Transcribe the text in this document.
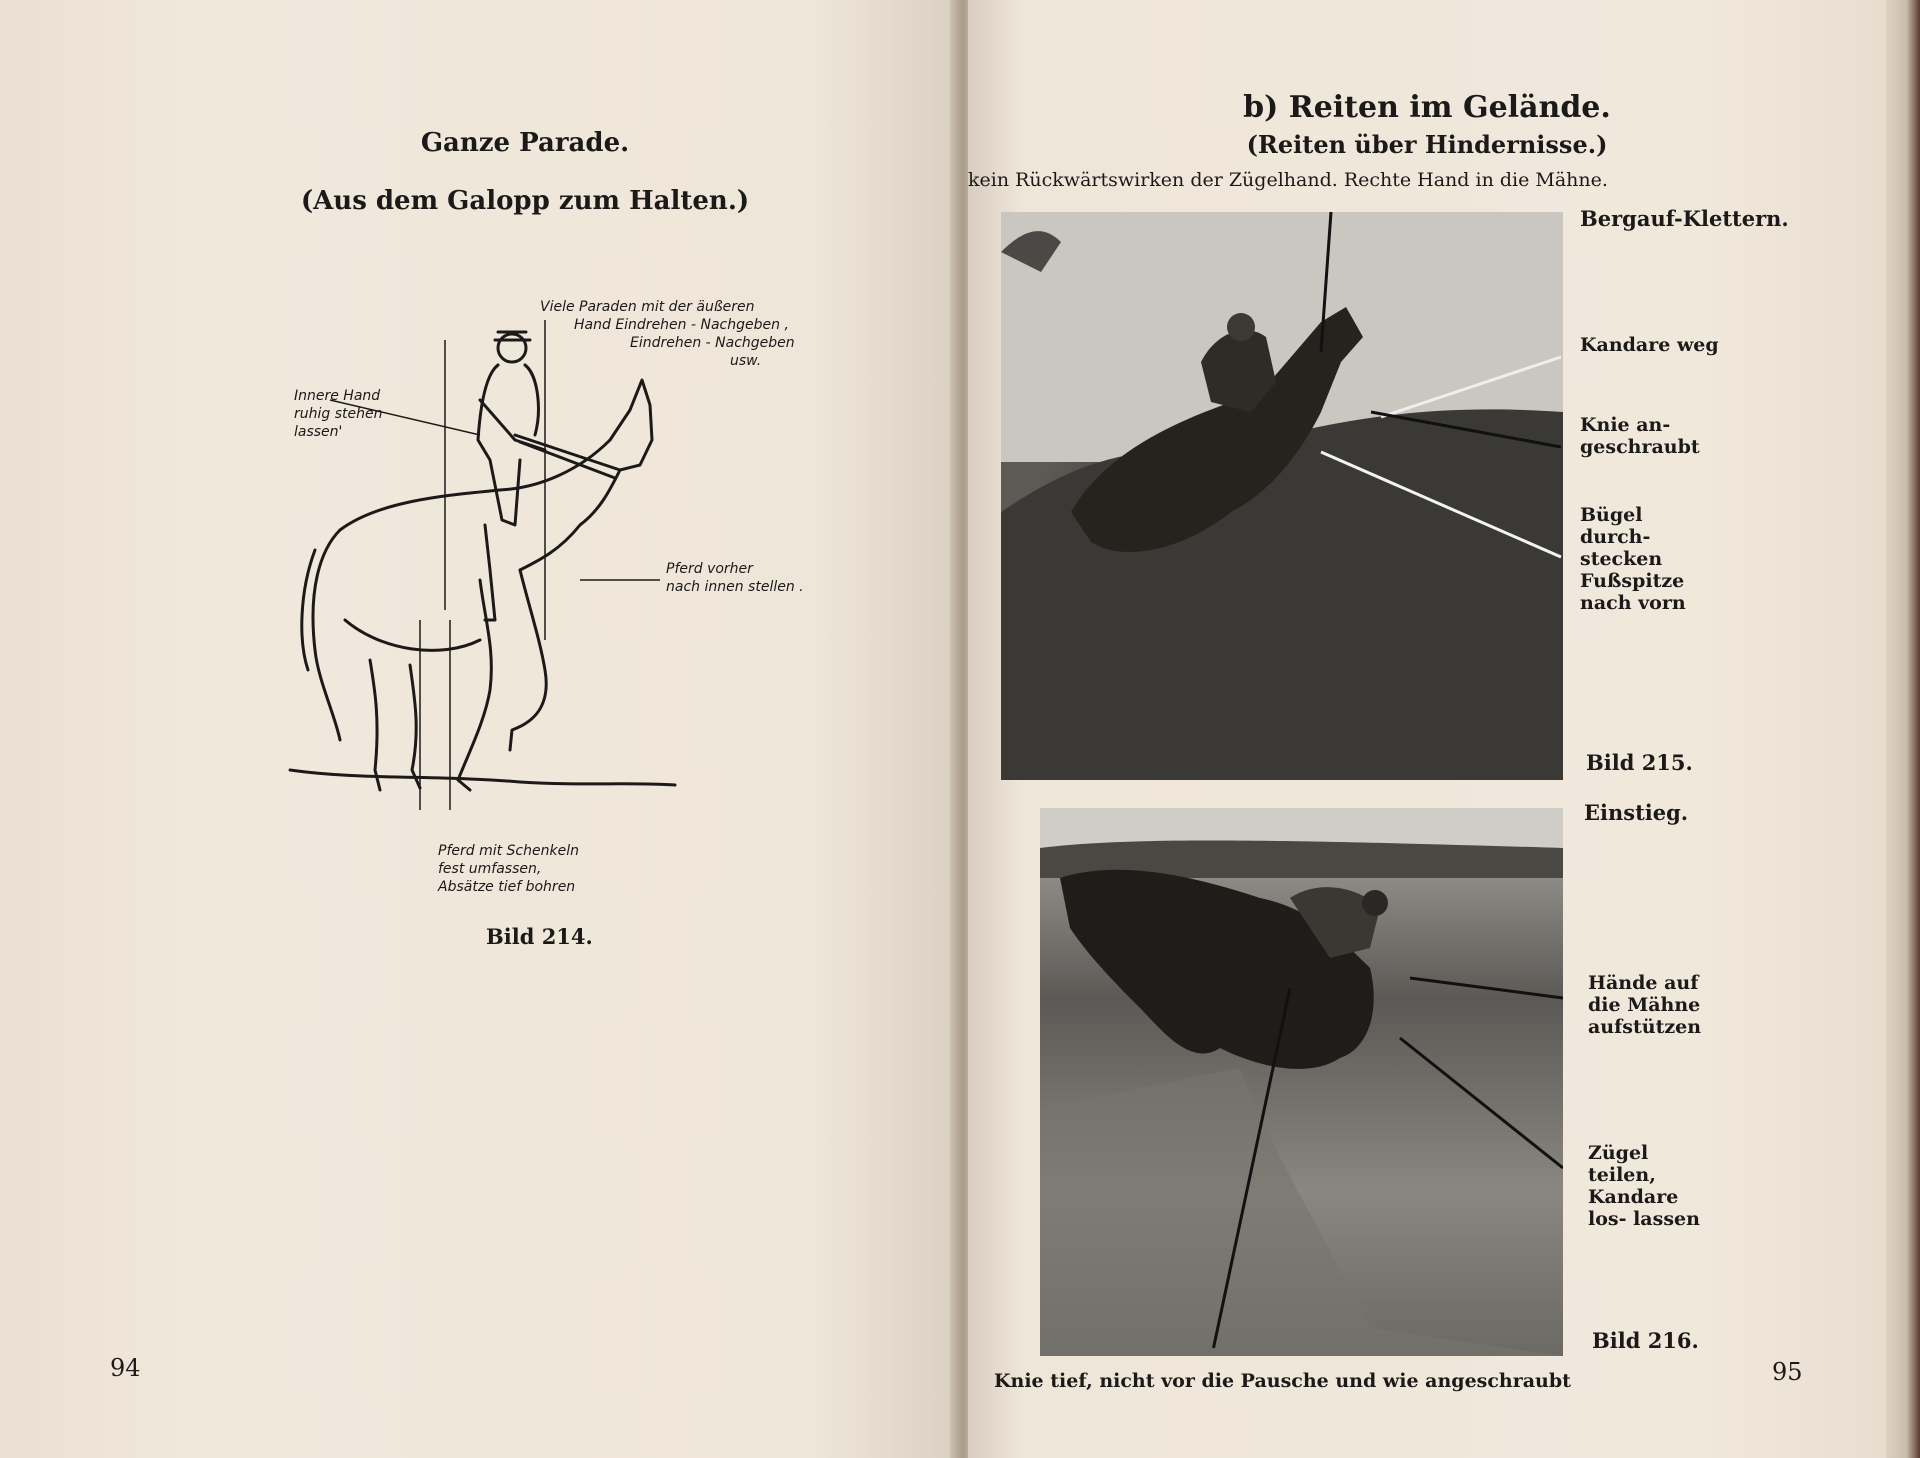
Ganze Parade.
(Aus dem Galopp zum Halten.)
Viele Paraden mit der äußeren
Hand Eindrehen - Nachgeben ,
Eindrehen - Nachgeben
usw.
Innere Hand
ruhig stehen
lassen'
Pferd vorher
nach innen stellen .
Pferd mit Schenkeln
fest umfassen,
Absätze tief bohren
Bild 214.
94
b) Reiten im Gelände.
(Reiten über Hindernisse.)
kein Rückwärtswirken der Zügelhand. Rechte Hand in die Mähne.
Bergauf-Klettern.
Kandare weg
Knie an- geschraubt
Bügel durch- stecken Fußspitze nach vorn
Bild 215.
Einstieg.
Hände auf die Mähne aufstützen
Zügel teilen, Kandare los- lassen
Bild 216.
Knie tief, nicht vor die Pausche und wie angeschraubt	95
